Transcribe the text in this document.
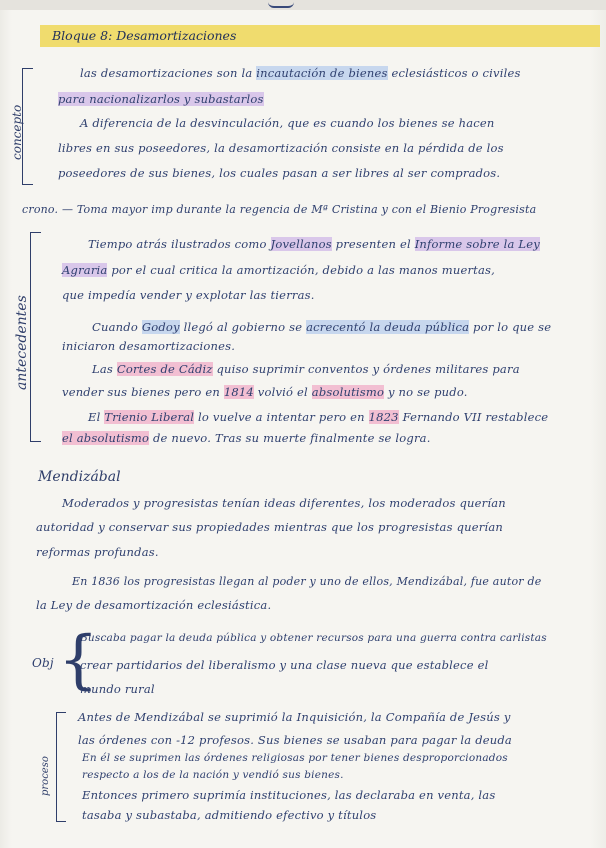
Bloque 8: Desamortizaciones
concepto
las desamortizaciones son la incautación de bienes eclesiásticos o civiles
para nacionalizarlos y subastarlos
A diferencia de la desvinculación, que es cuando los bienes se hacen
libres en sus poseedores, la desamortización consiste en la pérdida de los
poseedores de sus bienes, los cuales pasan a ser libres al ser comprados.
crono. — Toma mayor imp durante la regencia de Mª Cristina y con el Bienio Progresista
antecedentes
Tiempo atrás ilustrados como Jovellanos presenten el Informe sobre la Ley
Agraria por el cual critica la amortización, debido a las manos muertas,
que impedía vender y explotar las tierras.
Cuando Godoy llegó al gobierno se acrecentó la deuda pública por lo que se
iniciaron desamortizaciones.
Las Cortes de Cádiz quiso suprimir conventos y órdenes militares para
vender sus bienes pero en 1814 volvió el absolutismo y no se pudo.
El Trienio Liberal lo vuelve a intentar pero en 1823 Fernando VII restablece
el absolutismo de nuevo. Tras su muerte finalmente se logra.
Mendizábal
Moderados y progresistas tenían ideas diferentes, los moderados querían
autoridad y conservar sus propiedades mientras que los progresistas querían
reformas profundas.
En 1836 los progresistas llegan al poder y uno de ellos, Mendizábal, fue autor de
la Ley de desamortización eclesiástica.
Obj {
Buscaba pagar la deuda pública y obtener recursos para una guerra contra carlistas
crear partidarios del liberalismo y una clase nueva que establece el
mundo rural
proceso
Antes de Mendizábal se suprimió la Inquisición, la Compañía de Jesús y
las órdenes con -12 profesos. Sus bienes se usaban para pagar la deuda
En él se suprimen las órdenes religiosas por tener bienes desproporcionados
respecto a los de la nación y vendió sus bienes.
Entonces primero suprimía instituciones, las declaraba en venta, las
tasaba y subastaba, admitiendo efectivo y títulos
